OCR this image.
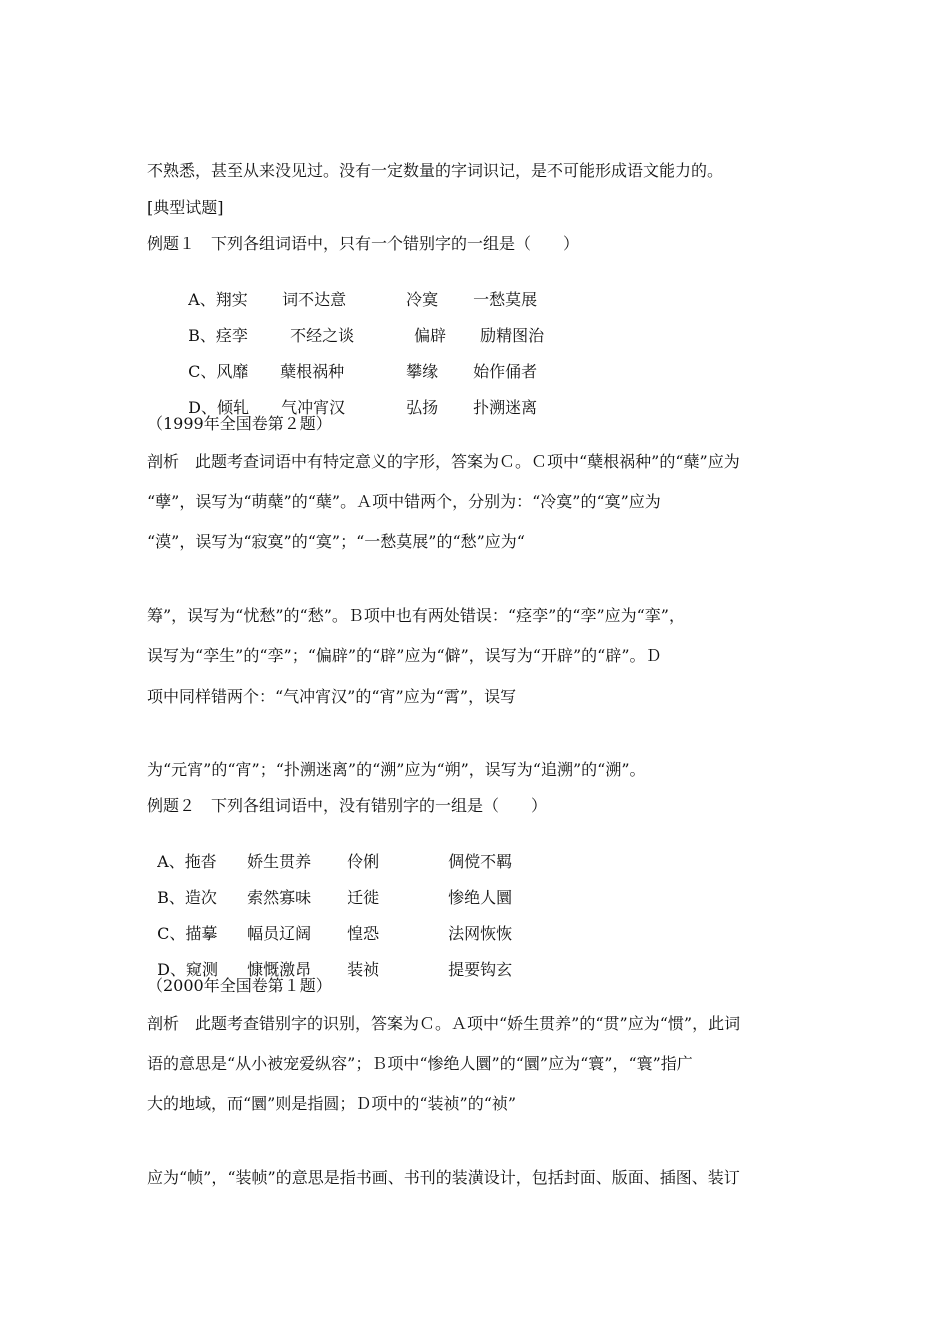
不熟悉，甚至从来没见过。没有一定数量的字词识记，是不可能形成语文能力的。

[典型试题]

例题１　下列各组词语中，只有一个错别字的一组是（　　）

A、翔实 词不达意	冷寞 一愁莫展

B、痉孪	不经之谈	偏辟 励精图治

C、风靡 蘖根祸种	攀缘 始作俑者

D、倾轧 气冲宵汉	弘扬 扑溯迷离

（1999年全国卷第２题）

剖析　此题考查词语中有特定意义的字形，答案为Ｃ。Ｃ项中“蘖根祸种”的“蘖”应为

“孽”，误写为“萌蘖”的“蘖”。Ａ项中错两个，分别为：“冷寞”的“寞”应为

“漠”，误写为“寂寞”的“寞”；“一愁莫展”的“愁”应为“

筹”，误写为“忧愁”的“愁”。Ｂ项中也有两处错误：“痉孪”的“孪”应为“挛”，

误写为“孪生”的“孪”；“偏辟”的“辟”应为“僻”，误写为“开辟”的“辟”。Ｄ

项中同样错两个：“气冲宵汉”的“宵”应为“霄”，误写

为“元宵”的“宵”；“扑溯迷离”的“溯”应为“朔”，误写为“追溯”的“溯”。

例题２　下列各组词语中，没有错别字的一组是（　　）

A、拖沓 娇生贯养 伶俐	倜傥不羁

B、造次 索然寡味 迁徙	惨绝人圜

C、描摹 幅员辽阔 惶恐	法网恢恢

D、窥测 慷慨激昂 装祯	提要钩玄

（2000年全国卷第１题）

剖析　此题考查错别字的识别，答案为Ｃ。Ａ项中“娇生贯养”的“贯”应为“惯”，此词

语的意思是“从小被宠爱纵容”；Ｂ项中“惨绝人圜”的“圜”应为“寰”，“寰”指广

大的地域，而“圜”则是指圆；Ｄ项中的“装祯”的“祯”

应为“帧”，“装帧”的意思是指书画、书刊的装潢设计，包括封面、版面、插图、装订
